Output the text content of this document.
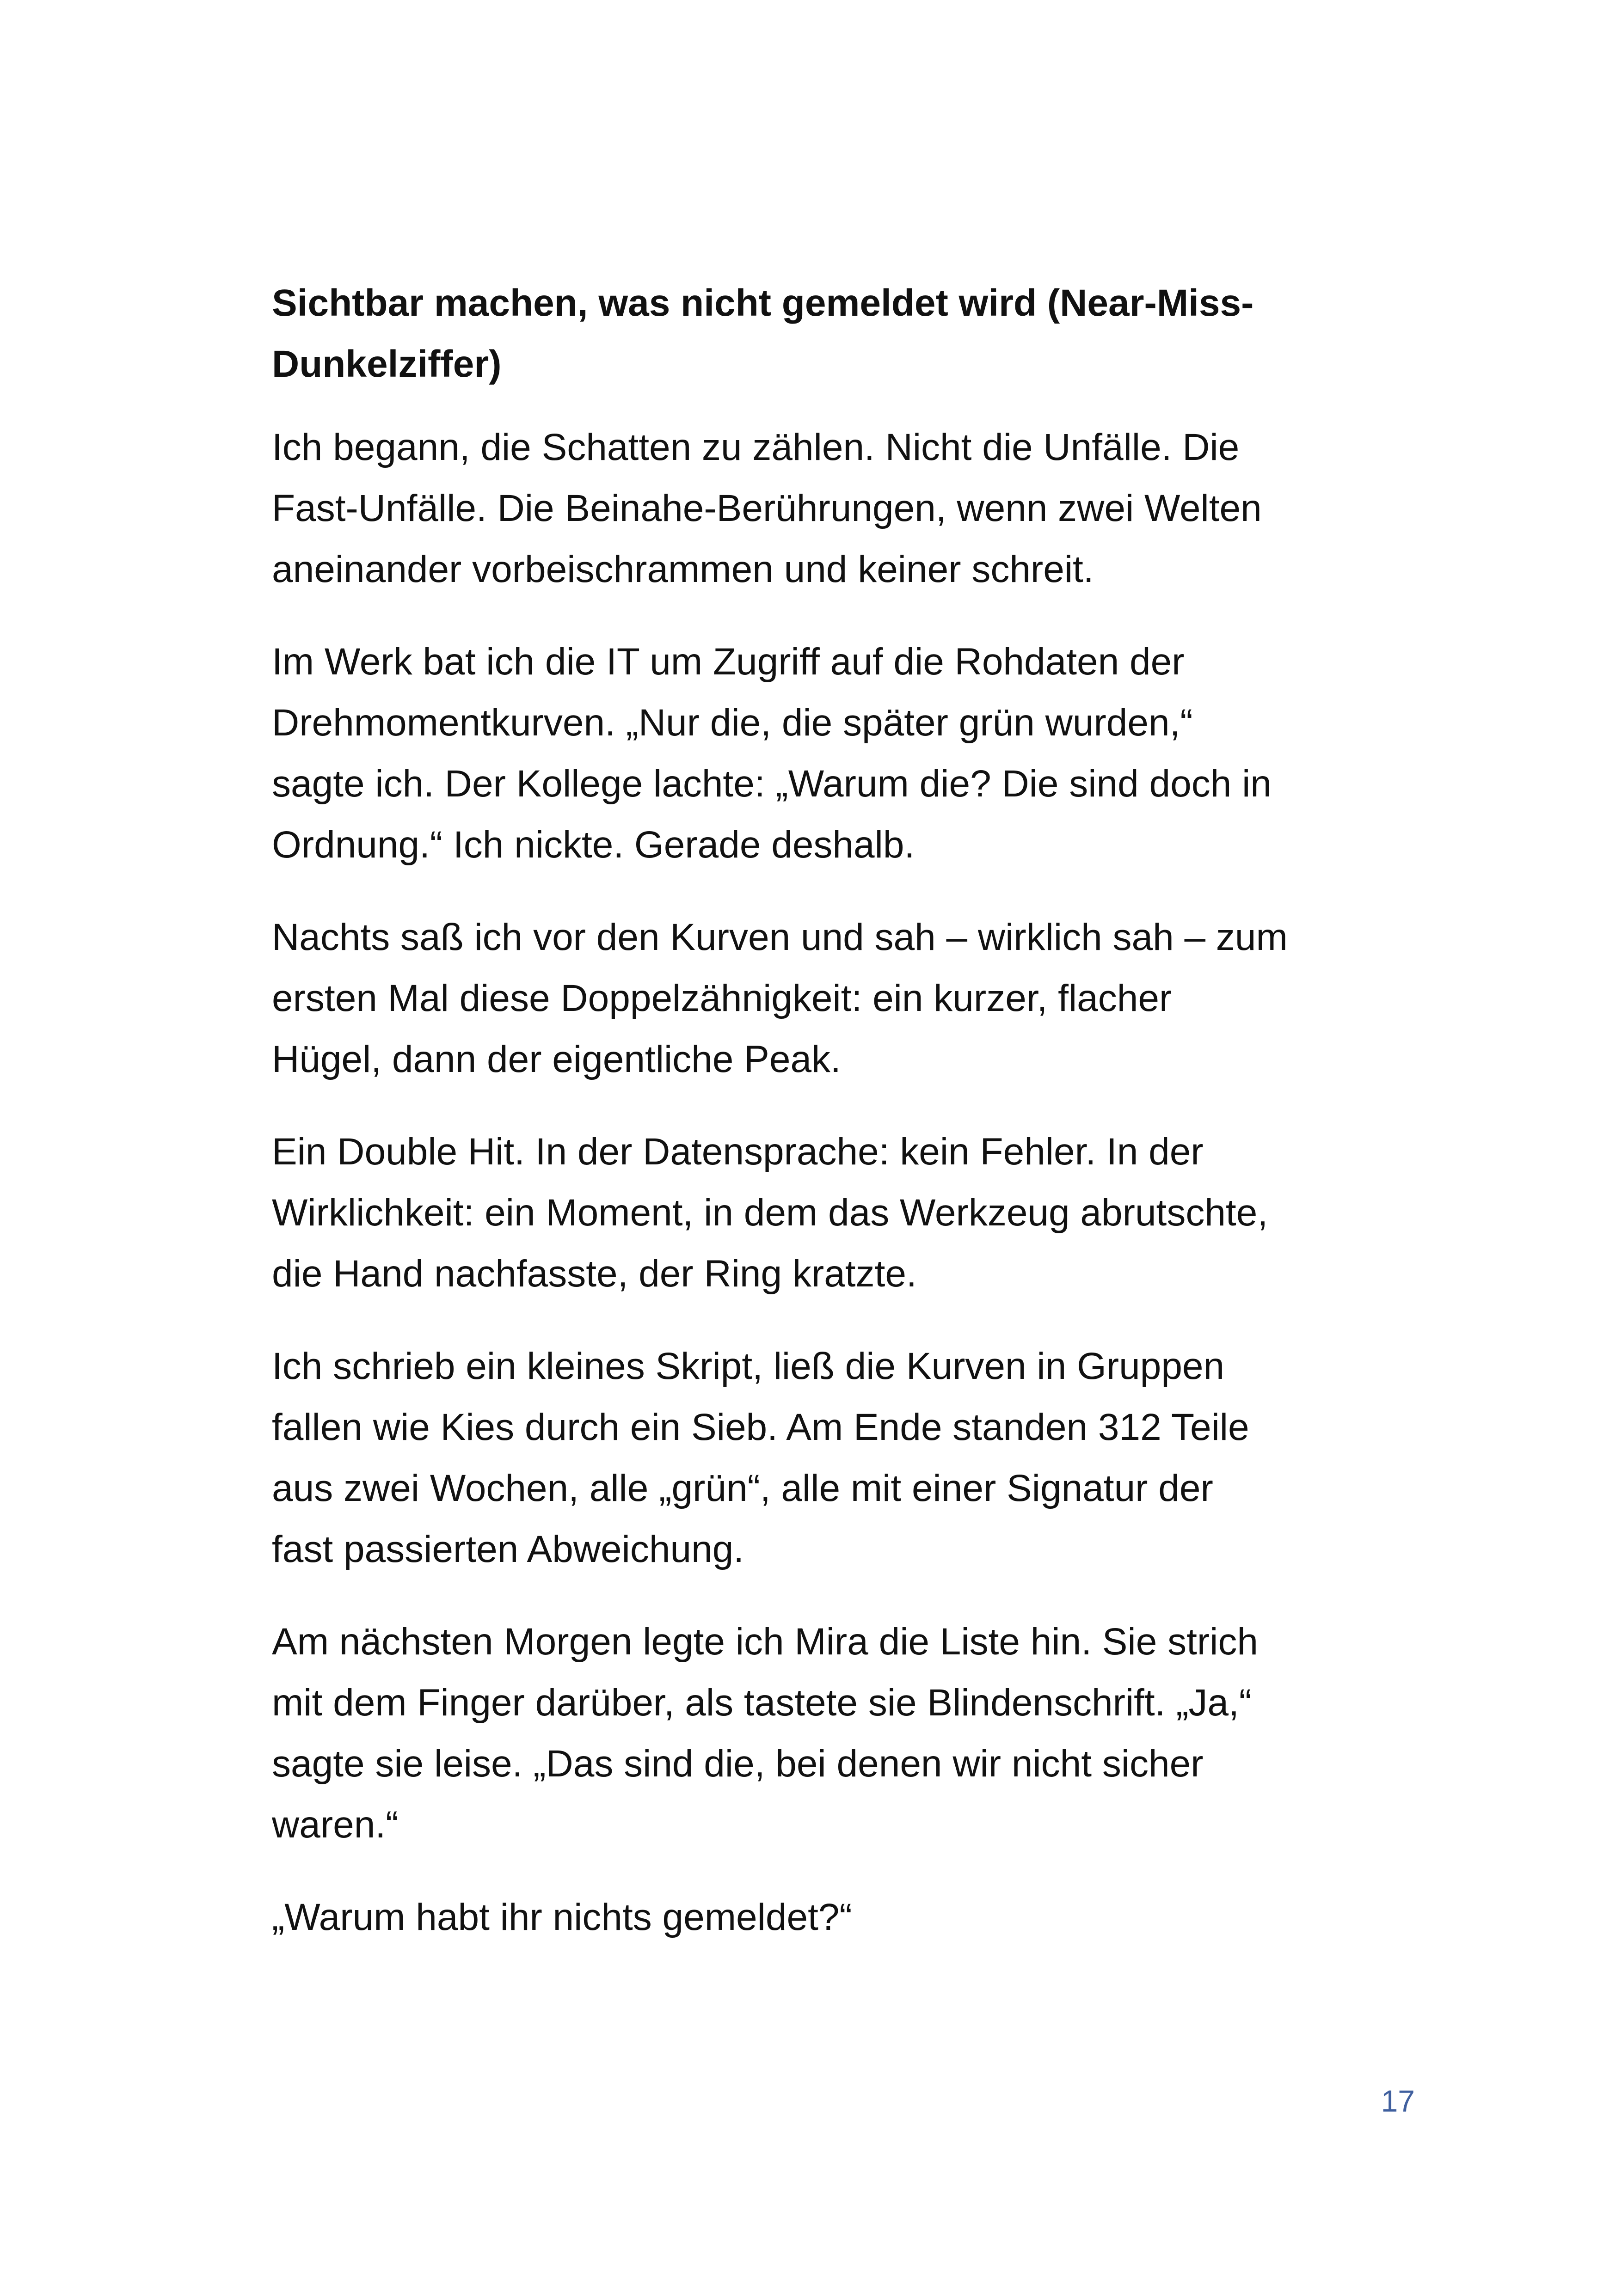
Sichtbar machen, was nicht gemeldet wird (Near-Miss-
Dunkelziffer)
Ich begann, die Schatten zu zählen. Nicht die Unfälle. Die
Fast-Unfälle. Die Beinahe-Berührungen, wenn zwei Welten
aneinander vorbeischrammen und keiner schreit.
Im Werk bat ich die IT um Zugriff auf die Rohdaten der
Drehmomentkurven. „Nur die, die später grün wurden,“
sagte ich. Der Kollege lachte: „Warum die? Die sind doch in
Ordnung.“ Ich nickte. Gerade deshalb.
Nachts saß ich vor den Kurven und sah – wirklich sah – zum
ersten Mal diese Doppelzähnigkeit: ein kurzer, flacher
Hügel, dann der eigentliche Peak.
Ein Double Hit. In der Datensprache: kein Fehler. In der
Wirklichkeit: ein Moment, in dem das Werkzeug abrutschte,
die Hand nachfasste, der Ring kratzte.
Ich schrieb ein kleines Skript, ließ die Kurven in Gruppen
fallen wie Kies durch ein Sieb. Am Ende standen 312 Teile
aus zwei Wochen, alle „grün“, alle mit einer Signatur der
fast passierten Abweichung.
Am nächsten Morgen legte ich Mira die Liste hin. Sie strich
mit dem Finger darüber, als tastete sie Blindenschrift. „Ja,“
sagte sie leise. „Das sind die, bei denen wir nicht sicher
waren.“
„Warum habt ihr nichts gemeldet?“
17
